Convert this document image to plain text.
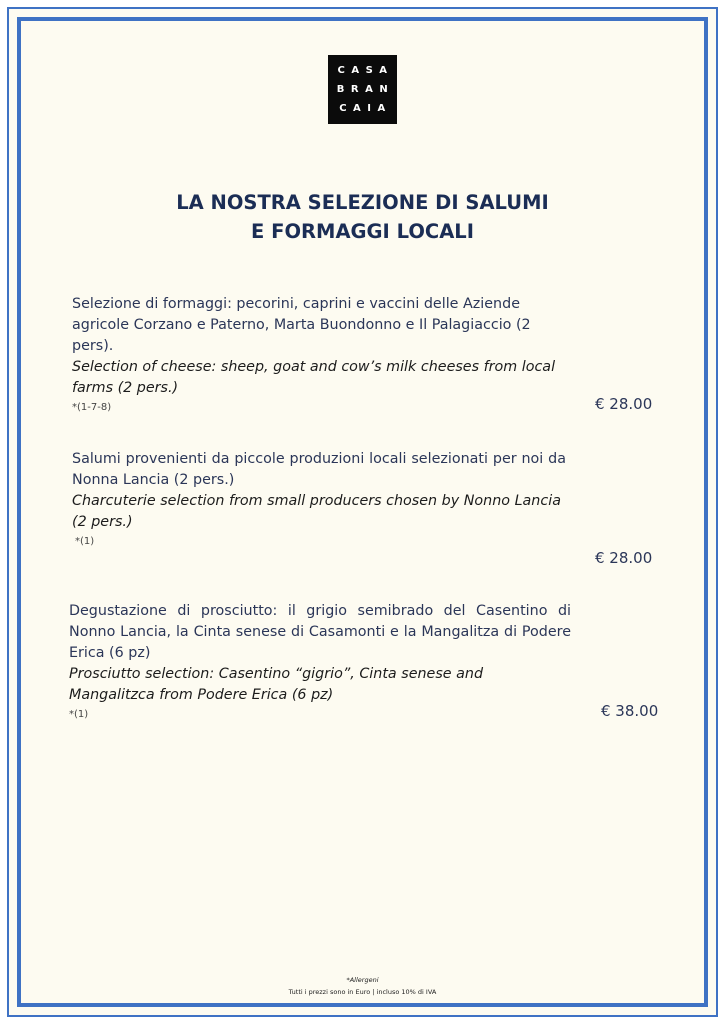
CASA
BRAN
CAIA
LA NOSTRA SELEZIONE DI SALUMI
E FORMAGGI LOCALI
Selezione di formaggi: pecorini, caprini e vaccini delle Aziende agricole Corzano e Paterno, Marta Buondonno e Il Palagiaccio (2 pers).
Selection of cheese: sheep, goat and cow’s milk cheeses from local farms (2 pers.)
*(1-7-8)	€ 28.00
Salumi provenienti da piccole produzioni locali selezionati per noi da Nonna Lancia (2 pers.)
Charcuterie selection from small producers chosen by Nonno Lancia (2 pers.)
*(1)
€ 28.00
Degustazione di prosciutto: il grigio semibrado del Casentino di Nonno Lancia, la Cinta senese di Casamonti e la Mangalitza di Podere Erica (6 pz)
Prosciutto selection: Casentino “gigrio”, Cinta senese and Mangalitzca from Podere Erica (6 pz)
*(1)	€ 38.00
*Allergeni
Tutti i prezzi sono in Euro | incluso 10% di IVA
